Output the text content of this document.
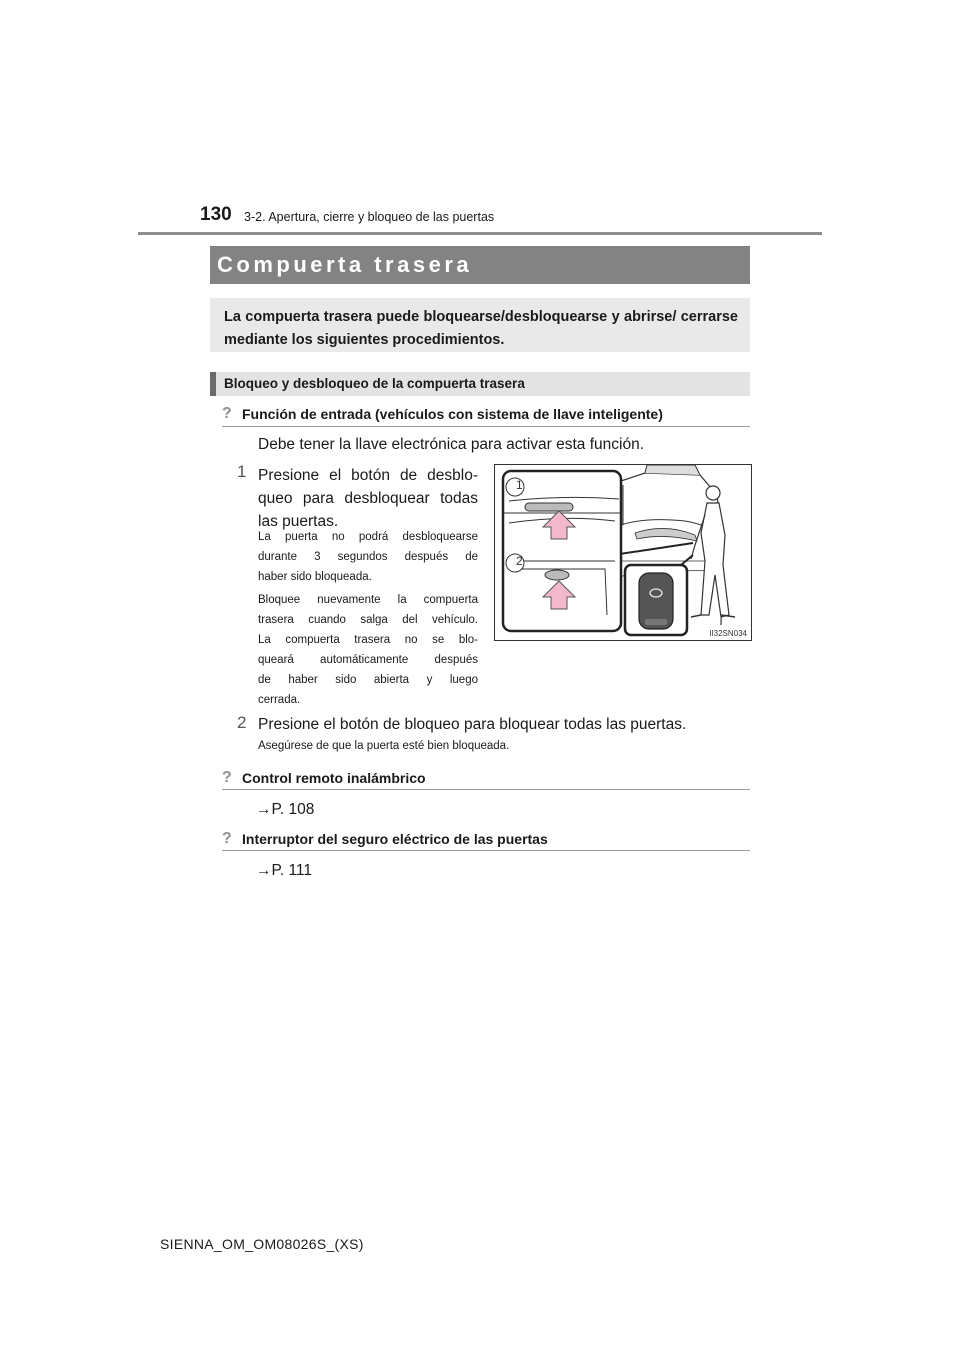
130 3-2. Apertura, cierre y bloqueo de las puertas
Compuerta trasera

La compuerta trasera puede bloquearse/desbloquearse y abrirse/ cerrarse mediante los siguientes procedimientos.

Bloqueo y desbloqueo de la compuerta trasera
? Función de entrada (vehículos con sistema de llave inteligente)
Debe tener la llave electrónica para activar esta función.
1 Presione el botón de desblo-
queo para desbloquear todas
las puertas.
La puerta no podrá desbloquearse
durante 3 segundos después de
haber sido bloqueada.
Bloquee nuevamente la compuerta
trasera cuando salga del vehículo.
La compuerta trasera no se blo-
queará automáticamente después
de haber sido abierta y luego
cerrada.
1
2
II32SN034
2 Presione el botón de bloqueo para bloquear todas las puertas.
Asegúrese de que la puerta esté bien bloqueada.
? Control remoto inalámbrico
→P. 108
? Interruptor del seguro eléctrico de las puertas
→P. 111
SIENNA_OM_OM08026S_(XS)
